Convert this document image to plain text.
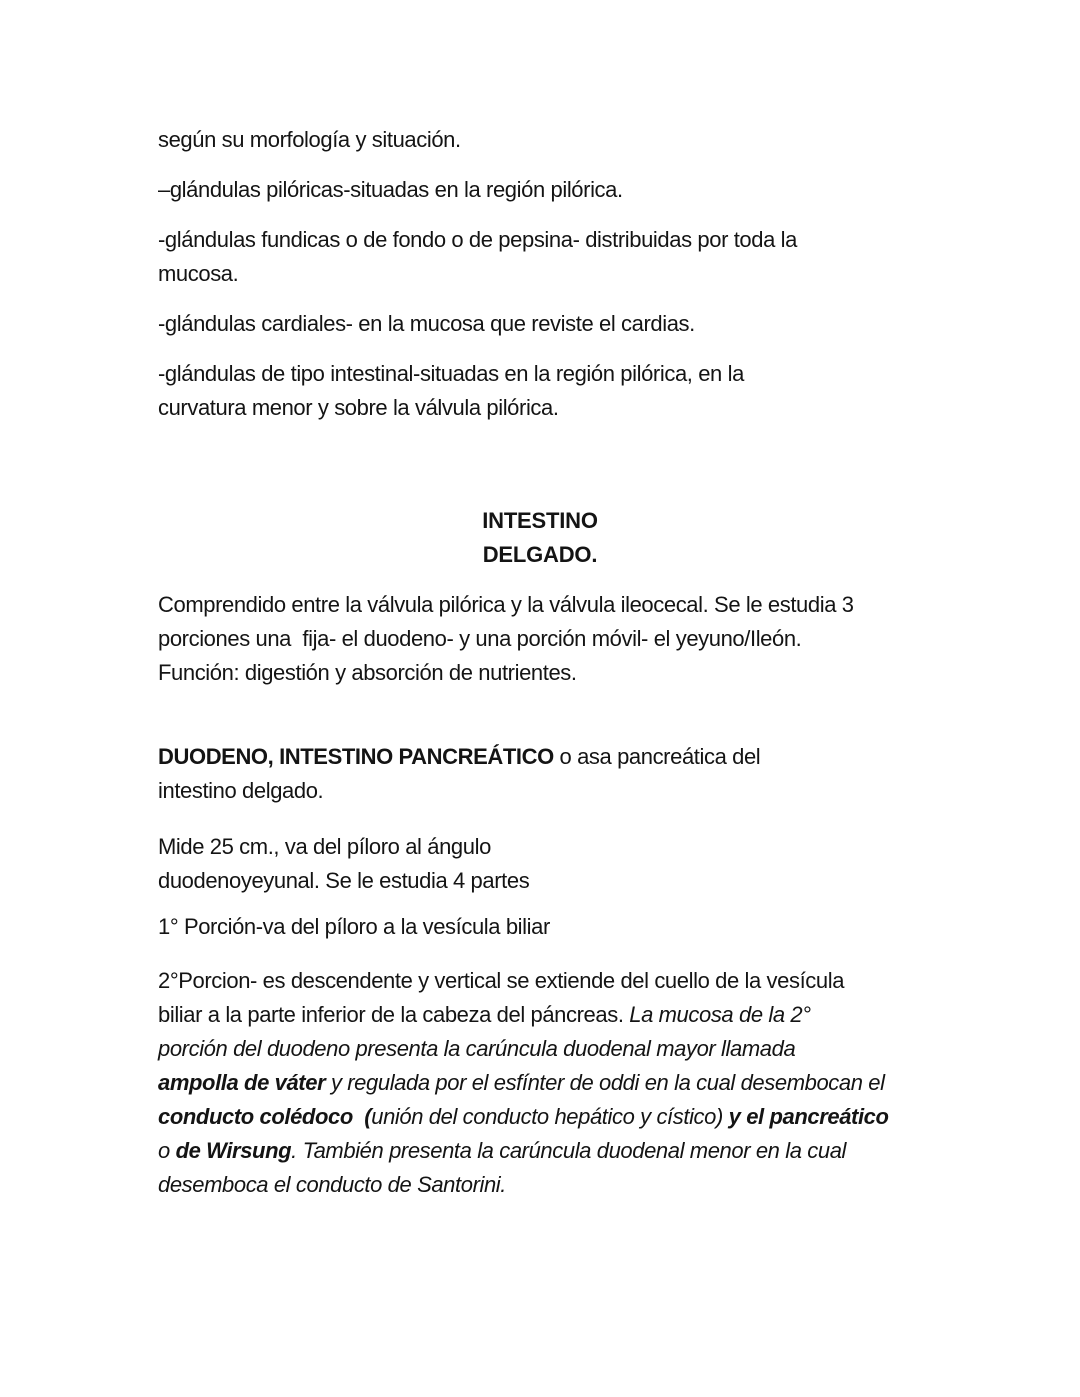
según su morfología y situación.

–glándulas pilóricas-situadas en la región pilórica.

-glándulas fundicas o de fondo o de pepsina- distribuidas por toda la
mucosa.

-glándulas cardiales- en la mucosa que reviste el cardias.

-glándulas de tipo intestinal-situadas en la región pilórica, en la
curvatura menor y sobre la válvula pilórica.

INTESTINO
DELGADO.

Comprendido entre la válvula pilórica y la válvula ileocecal. Se le estudia 3
porciones una  fija- el duodeno- y una porción móvil- el yeyuno/Ileón.
Función: digestión y absorción de nutrientes.

DUODENO, INTESTINO PANCREÁTICO o asa pancreática del
intestino delgado.

Mide 25 cm., va del píloro al ángulo
duodenoyeyunal. Se le estudia 4 partes

1° Porción-va del píloro a la vesícula biliar

2°Porcion- es descendente y vertical se extiende del cuello de la vesícula
biliar a la parte inferior de la cabeza del páncreas. La mucosa de la 2°
porción del duodeno presenta la carúncula duodenal mayor llamada
ampolla de váter y regulada por el esfínter de oddi en la cual desembocan el
conducto colédoco  (unión del conducto hepático y cístico) y el pancreático
o de Wirsung. También presenta la carúncula duodenal menor en la cual
desemboca el conducto de Santorini.
